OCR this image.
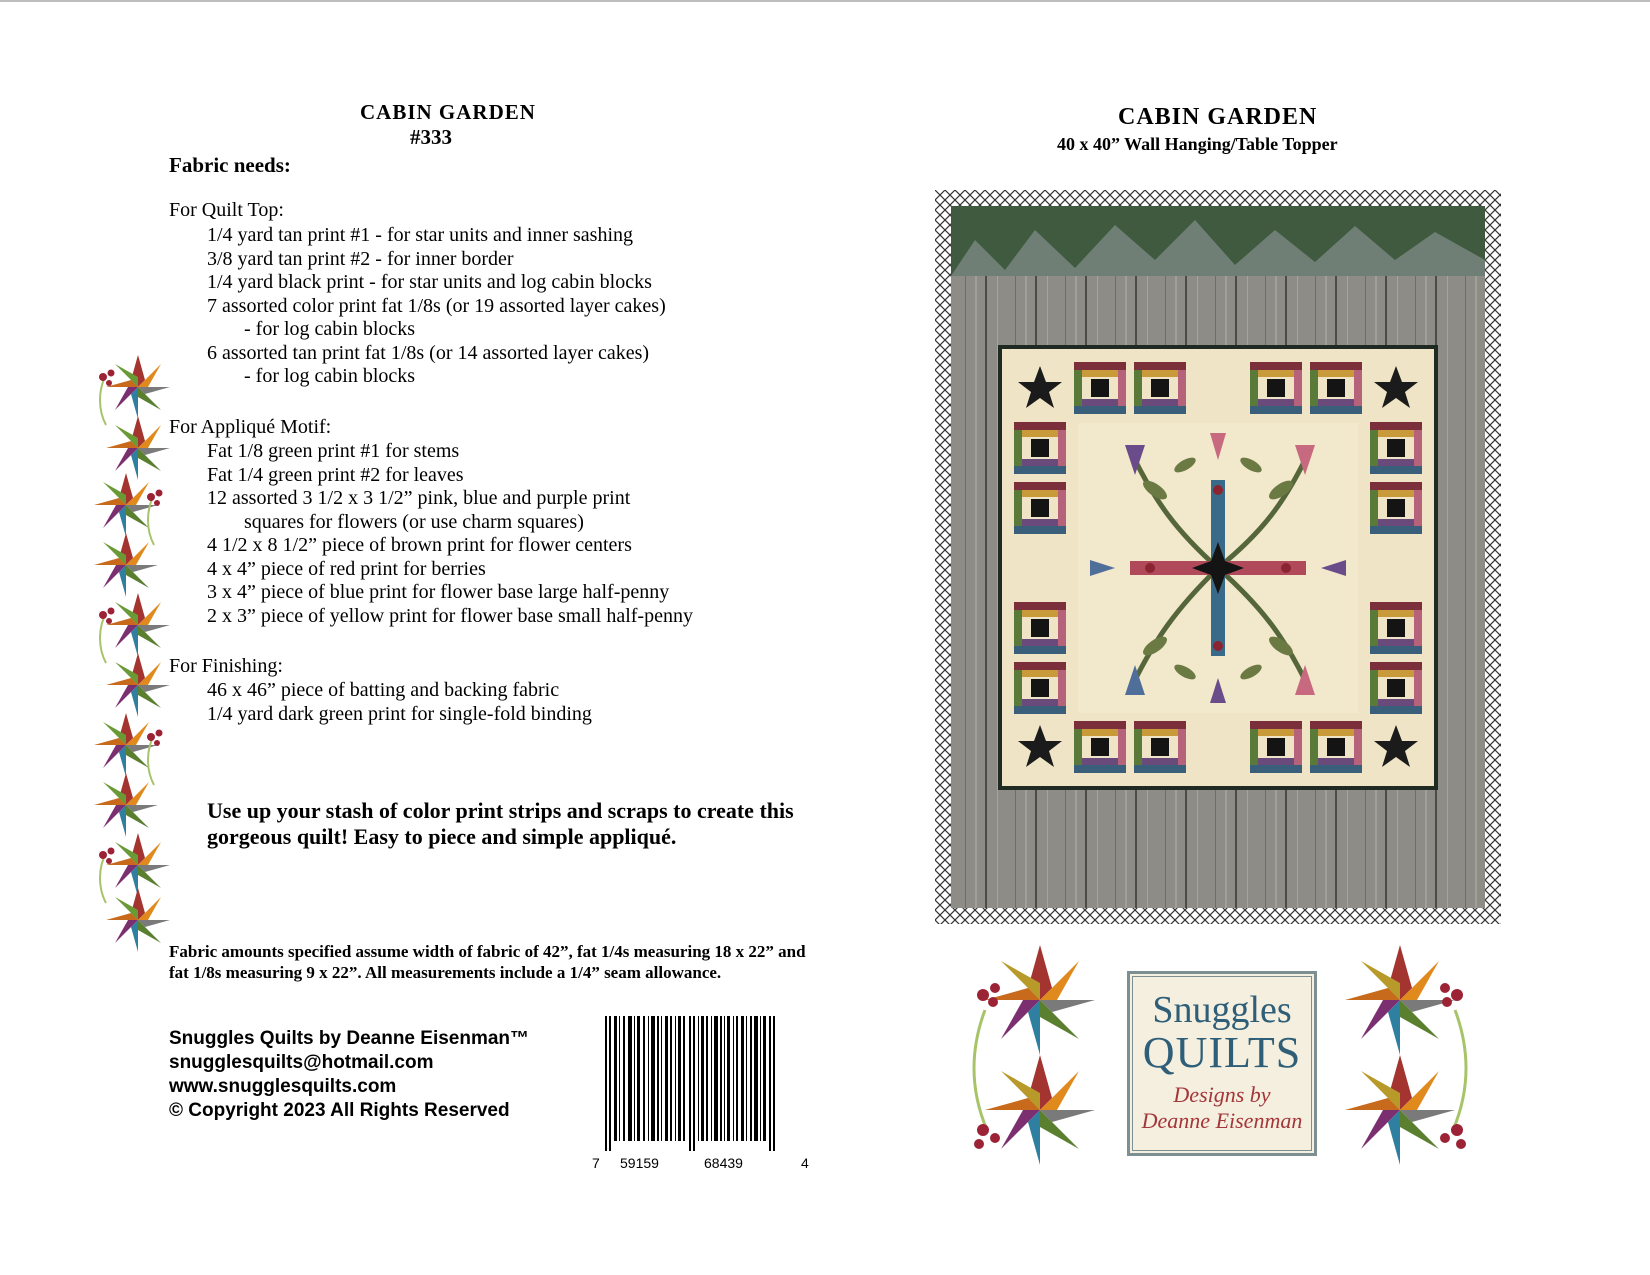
CABIN GARDEN
#333
Fabric needs:
For Quilt Top:
1/4 yard tan print #1 - for star units and inner sashing
3/8 yard tan print #2 - for inner border
1/4 yard black print - for star units and log cabin blocks
7 assorted color print fat 1/8s (or 19 assorted layer cakes)
- for log cabin blocks
6 assorted tan print fat 1/8s (or 14 assorted layer cakes)
- for log cabin blocks
For Appliqué Motif:
Fat 1/8 green print #1 for stems
Fat 1/4 green print #2 for leaves
12 assorted 3 1/2 x 3 1/2” pink, blue and purple print
squares for flowers (or use charm squares)
4 1/2 x 8 1/2” piece of brown print for flower centers
4 x 4” piece of red print for berries
3 x 4” piece of blue print for flower base large half-penny
2 x 3” piece of yellow print for flower base small half-penny
For Finishing:
46 x 46” piece of batting and backing fabric
1/4 yard dark green print for single-fold binding
Use up your stash of color print strips and scraps to create this gorgeous quilt! Easy to piece and simple appliqué.
Fabric amounts specified assume width of fabric of 42”, fat 1/4s measuring 18 x 22” and fat 1/8s measuring 9 x 22”. All measurements include a 1/4” seam allowance.
Snuggles Quilts by Deanne Eisenman™
snugglesquilts@hotmail.com
www.snugglesquilts.com
© Copyright 2023 All Rights Reserved
7 59159	68439	4
CABIN GARDEN
40 x 40” Wall Hanging/Table Topper
Snuggles
QUILTS
Designs by
Deanne Eisenman
